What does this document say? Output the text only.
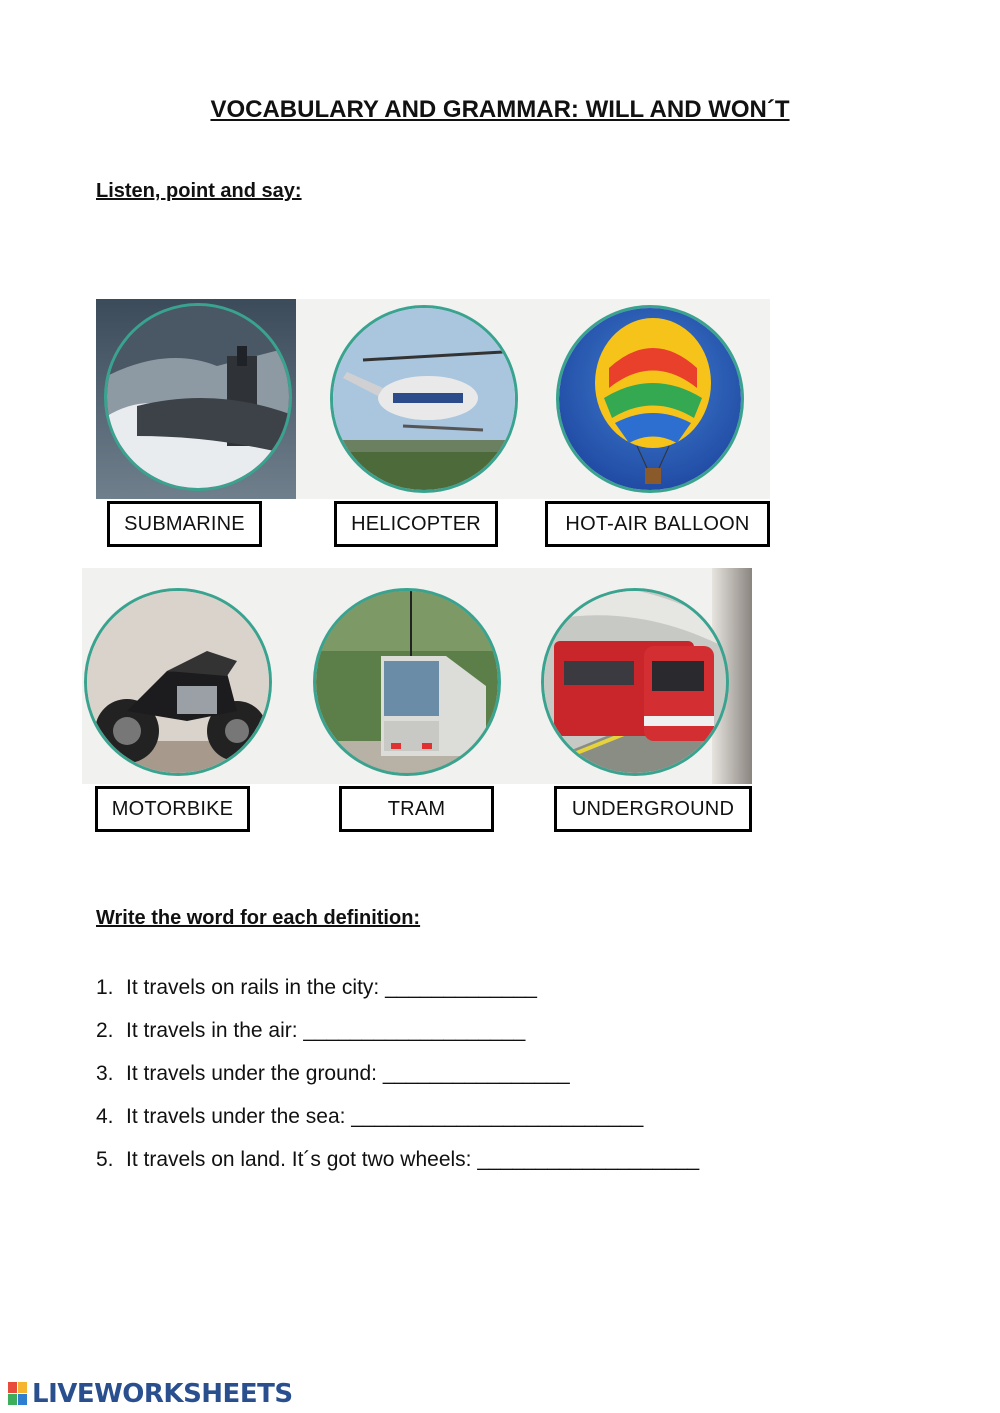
VOCABULARY AND GRAMMAR: WILL AND WON´T
Listen, point and say:
SUBMARINE	HELICOPTER	HOT-AIR BALLOON
MOTORBIKE	TRAM	UNDERGROUND
Write the word for each definition:
1. It travels on rails in the city: _____________
2. It travels in the air: ___________________
3. It travels under the ground: ________________
4. It travels under the sea: _________________________
5. It travels on land. It´s got two wheels: ___________________
LIVEWORKSHEETS
